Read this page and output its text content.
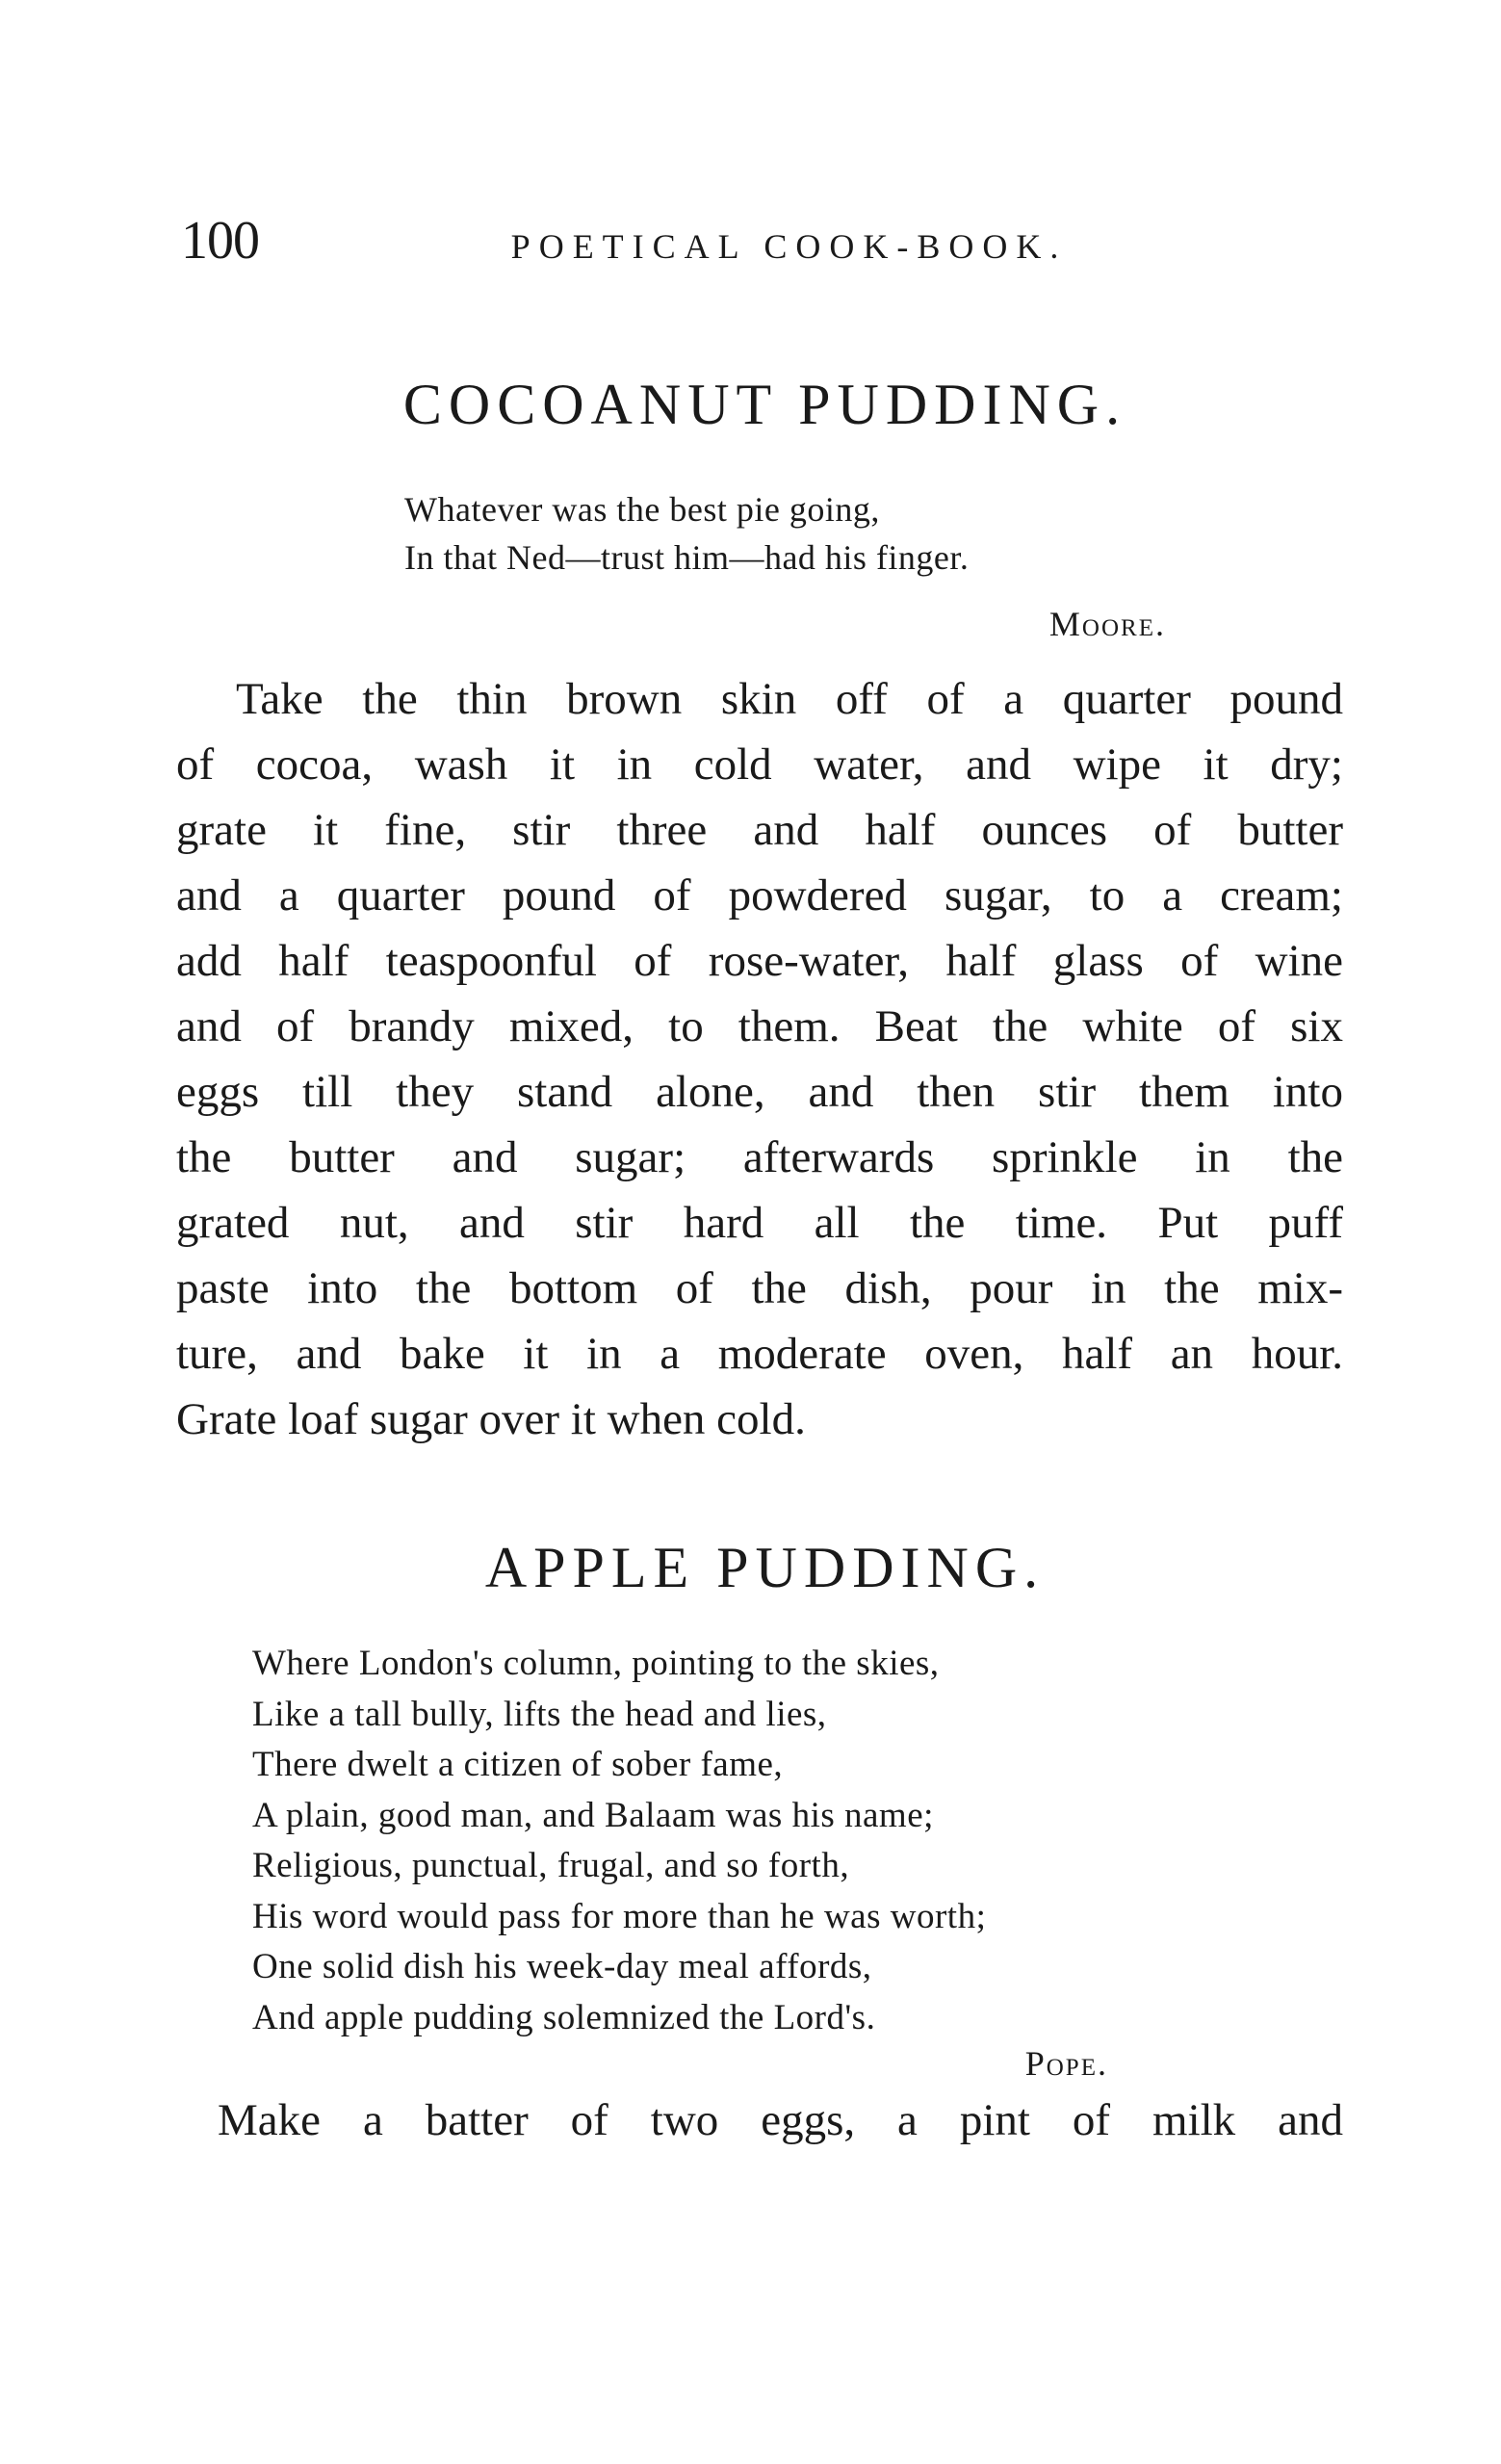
100	POETICAL COOK-BOOK.
COCOANUT PUDDING.
Whatever was the best pie going,
In that Ned—trust him—had his finger.
Moore.
Take the thin brown skin off of a quarter pound
of cocoa, wash it in cold water, and wipe it dry;
grate it fine, stir three and half ounces of butter
and a quarter pound of powdered sugar, to a cream;
add half teaspoonful of rose-water, half glass of wine
and of brandy mixed, to them. Beat the white of six
eggs till they stand alone, and then stir them into
the butter and sugar; afterwards sprinkle in the
grated nut, and stir hard all the time. Put puff
paste into the bottom of the dish, pour in the mix-
ture, and bake it in a moderate oven, half an hour.
Grate loaf sugar over it when cold.
APPLE PUDDING.
Where London's column, pointing to the skies,
Like a tall bully, lifts the head and lies,
There dwelt a citizen of sober fame,
A plain, good man, and Balaam was his name;
Religious, punctual, frugal, and so forth,
His word would pass for more than he was worth;
One solid dish his week-day meal affords,
And apple pudding solemnized the Lord's.
Pope.
Make a batter of two eggs, a pint of milk and
